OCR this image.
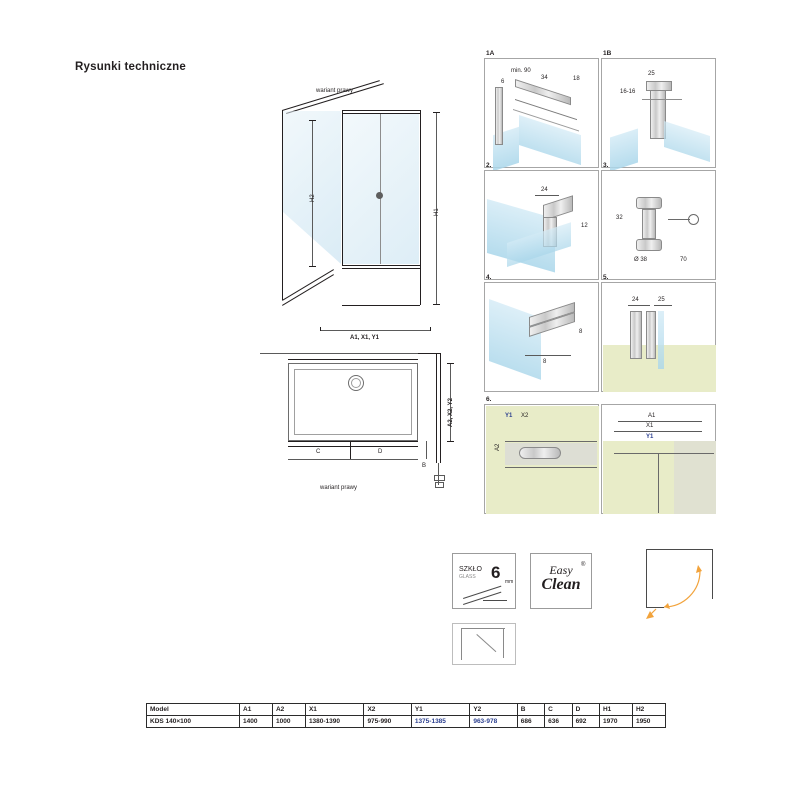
Rysunki techniczne
wariant prawy
H1
H2
A1, X1, Y1
A2, X2, Y2
B
C	D
wariant prawy
6
min. 90
34	18
1A
25
16-16
1B
24
12
2.
32
Ø 38	70
3.
8
8
4.
24	25
5.
Y1 X2
A2
6.
A1
X1
Y1
SZKŁO
GLASS 6 mm
Easy
Clean
®
Model	A1	A2	X1	X2	Y1	Y2	B	C	D	H1	H2
KDS 140×100	1400	1000	1380-1390	975-990	1375-1385	963-978	686	636	692	1970	1950
